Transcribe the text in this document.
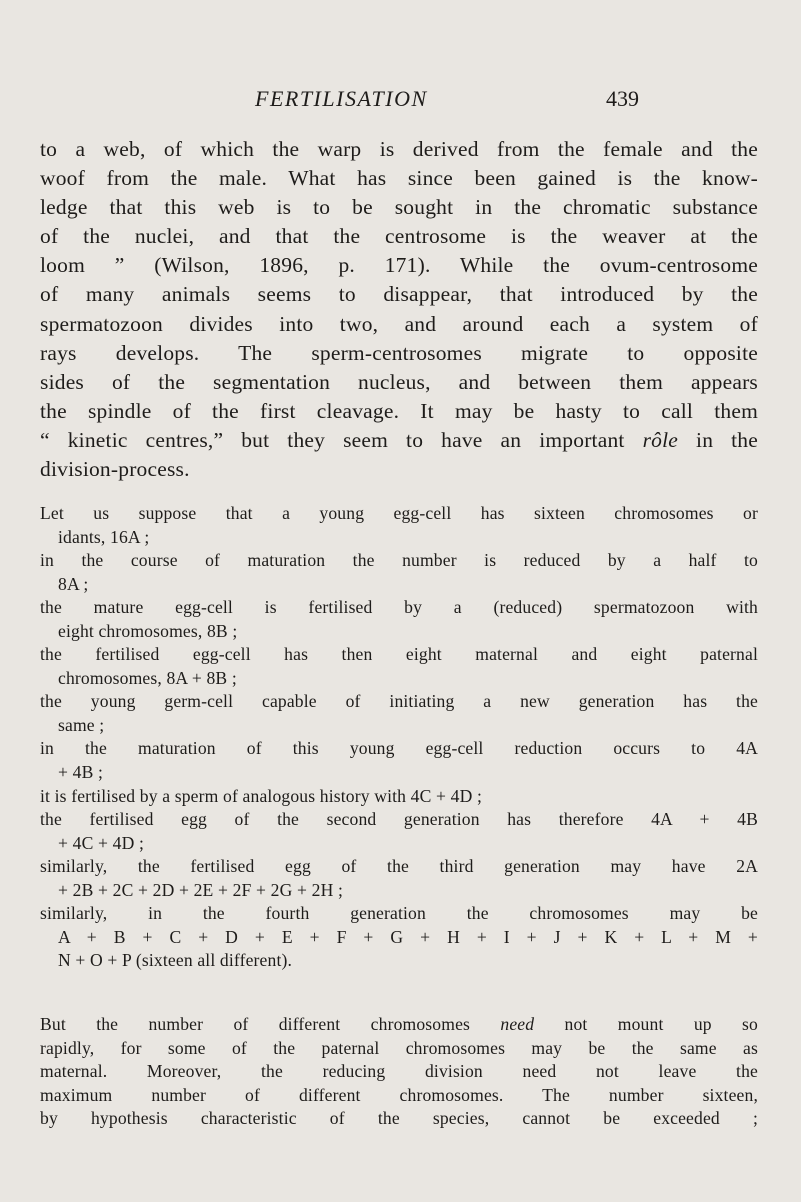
FERTILISATION	439
to a web, of which the warp is derived from the female and the
woof from the male. What has since been gained is the know-
ledge that this web is to be sought in the chromatic substance
of the nuclei, and that the centrosome is the weaver at the
loom ” (Wilson, 1896, p. 171). While the ovum-centrosome
of many animals seems to disappear, that introduced by the
spermatozoon divides into two, and around each a system of
rays develops. The sperm-centrosomes migrate to opposite
sides of the segmentation nucleus, and between them appears
the spindle of the first cleavage. It may be hasty to call them
“ kinetic centres,” but they seem to have an important rôle in the
division-process.
Let us suppose that a young egg-cell has sixteen chromosomes or
idants, 16A ;
in the course of maturation the number is reduced by a half to
8A ;
the mature egg-cell is fertilised by a (reduced) spermatozoon with
eight chromosomes, 8B ;
the fertilised egg-cell has then eight maternal and eight paternal
chromosomes, 8A + 8B ;
the young germ-cell capable of initiating a new generation has the
same ;
in the maturation of this young egg-cell reduction occurs to 4A
+ 4B ;
it is fertilised by a sperm of analogous history with 4C + 4D ;
the fertilised egg of the second generation has therefore 4A + 4B
+ 4C + 4D ;
similarly, the fertilised egg of the third generation may have 2A
+ 2B + 2C + 2D + 2E + 2F + 2G + 2H ;
similarly, in the fourth generation the chromosomes may be
A + B + C + D + E + F + G + H + I + J + K + L + M +
N + O + P (sixteen all different).
But the number of different chromosomes need not mount up so
rapidly, for some of the paternal chromosomes may be the same as
maternal. Moreover, the reducing division need not leave the
maximum number of different chromosomes. The number sixteen,
by hypothesis characteristic of the species, cannot be exceeded ;
